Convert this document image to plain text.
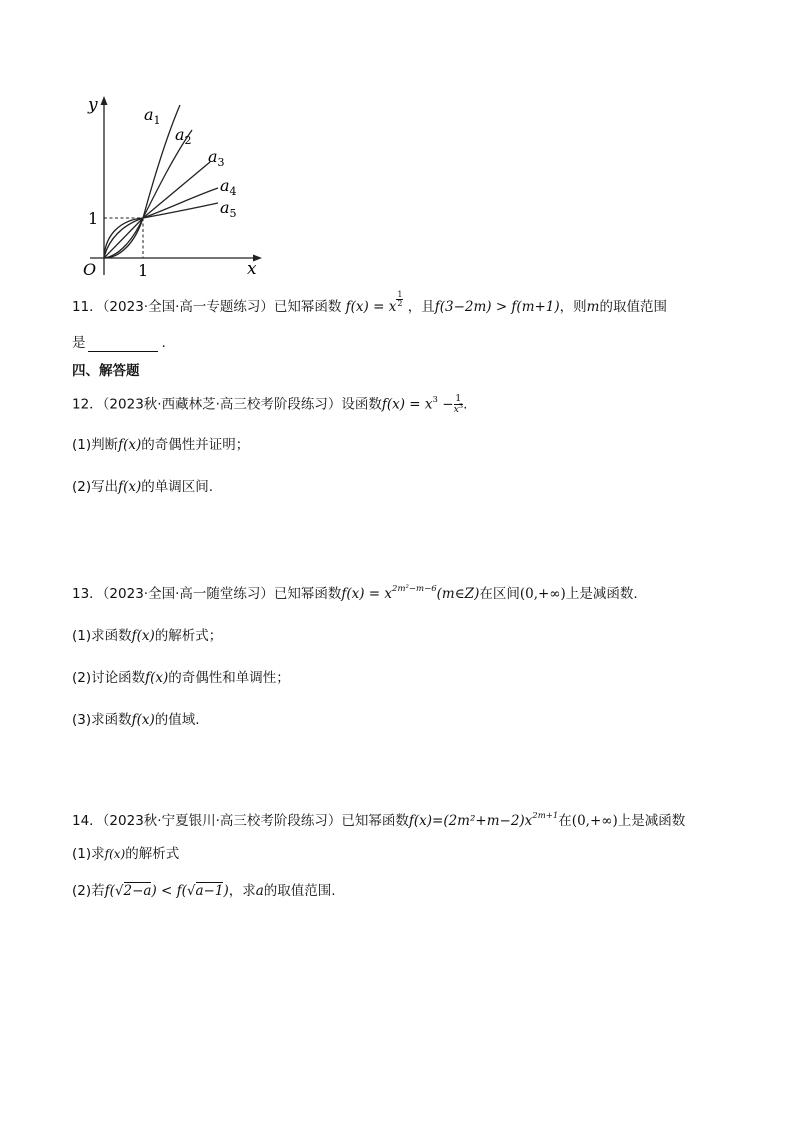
y
x
O	1
1
$a_1$
$a_2$
$a_3$
$a_4$
$a_5$
11．（2023·全国·高一专题练习）已知幂函数 f(x) = x $\frac{1}{2}$ ，且f(3−2m) > f(m+1)，则m的取值范围
是	.
四、解答题
12．（2023秋·西藏林芝·高三校考阶段练习）设函数$f(x) = x^3 - \frac{1}{x^3}$ .
(1)判断f(x)的奇偶性并证明；
(2)写出f(x)的单调区间.
13．（2023·全国·高一随堂练习）已知幂函数$f(x) = x^{2m^2-m-6}(m\in Z)$在区间(0,+∞)上是减函数.
(1)求函数f(x)的解析式；
(2)讨论函数f(x)的奇偶性和单调性；
(3)求函数f(x)的值域.
14．（2023秋·宁夏银川·高三校考阶段练习）已知幂函数$f(x)=(2m^2+m-2)x^{2m+1}$在(0,+∞)上是减函数
(1)求f(x)的解析式
(2)若f(√2−a) < f(√a−1)，求a的取值范围.
